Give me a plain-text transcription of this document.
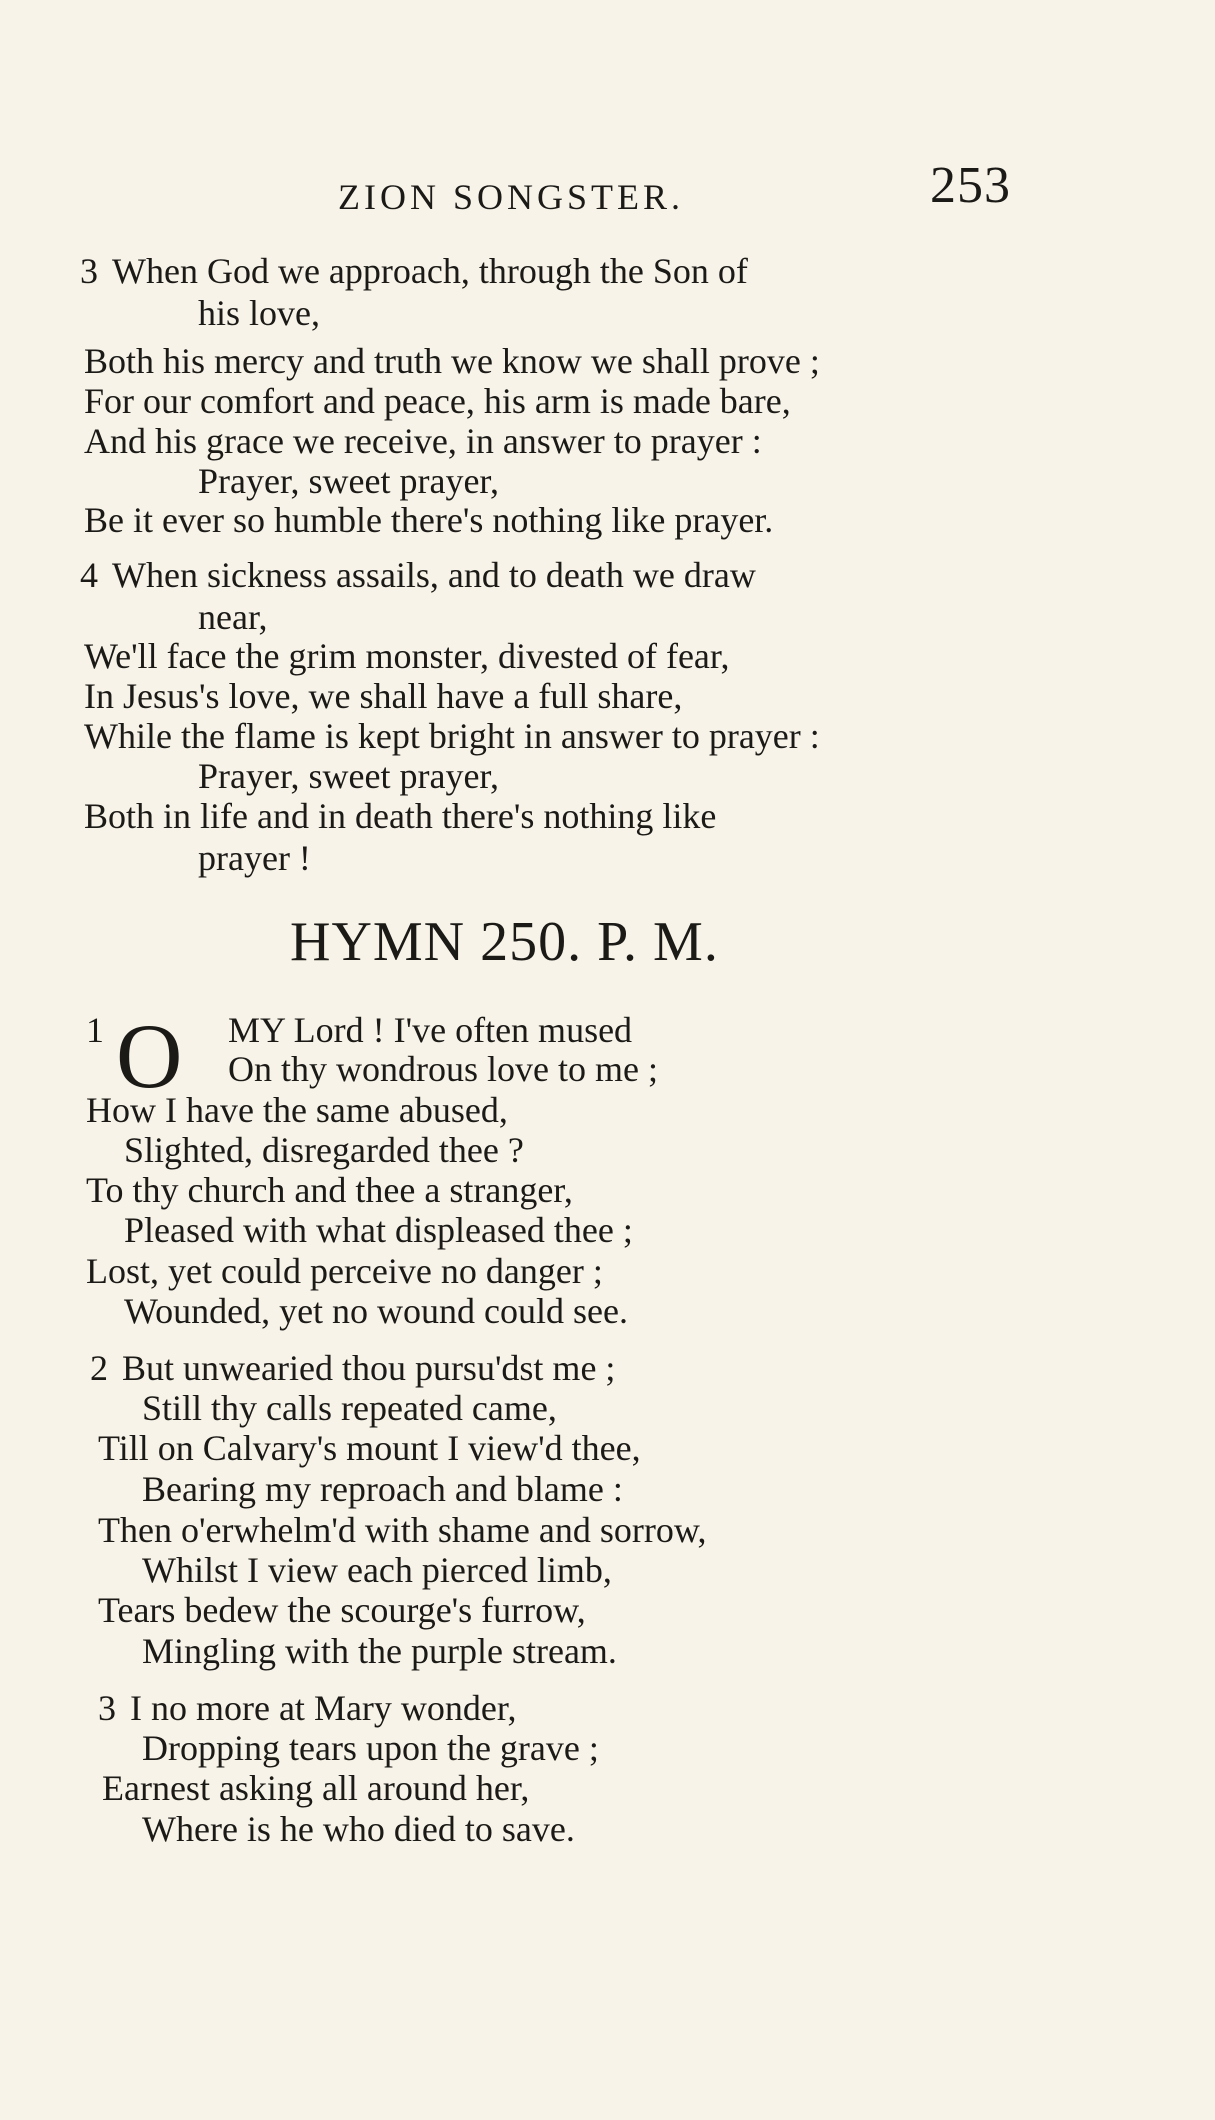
ZION SONGSTER.	253
3 When God we approach, through the Son of
his love,
Both his mercy and truth we know we shall prove ;
For our comfort and peace, his arm is made bare,
And his grace we receive, in answer to prayer :
Prayer, sweet prayer,
Be it ever so humble there's nothing like prayer.
4 When sickness assails, and to death we draw
near,
We'll face the grim monster, divested of fear,
In Jesus's love, we shall have a full share,
While the flame is kept bright in answer to prayer :
Prayer, sweet prayer,
Both in life and in death there's nothing like
prayer !
HYMN 250. P. M.
1 O MY Lord ! I've often mused
On thy wondrous love to me ;
How I have the same abused,
Slighted, disregarded thee ?
To thy church and thee a stranger,
Pleased with what displeased thee ;
Lost, yet could perceive no danger ;
Wounded, yet no wound could see.
2 But unwearied thou pursu'dst me ;
Still thy calls repeated came,
Till on Calvary's mount I view'd thee,
Bearing my reproach and blame :
Then o'erwhelm'd with shame and sorrow,
Whilst I view each pierced limb,
Tears bedew the scourge's furrow,
Mingling with the purple stream.
3 I no more at Mary wonder,
Dropping tears upon the grave ;
Earnest asking all around her,
Where is he who died to save.
